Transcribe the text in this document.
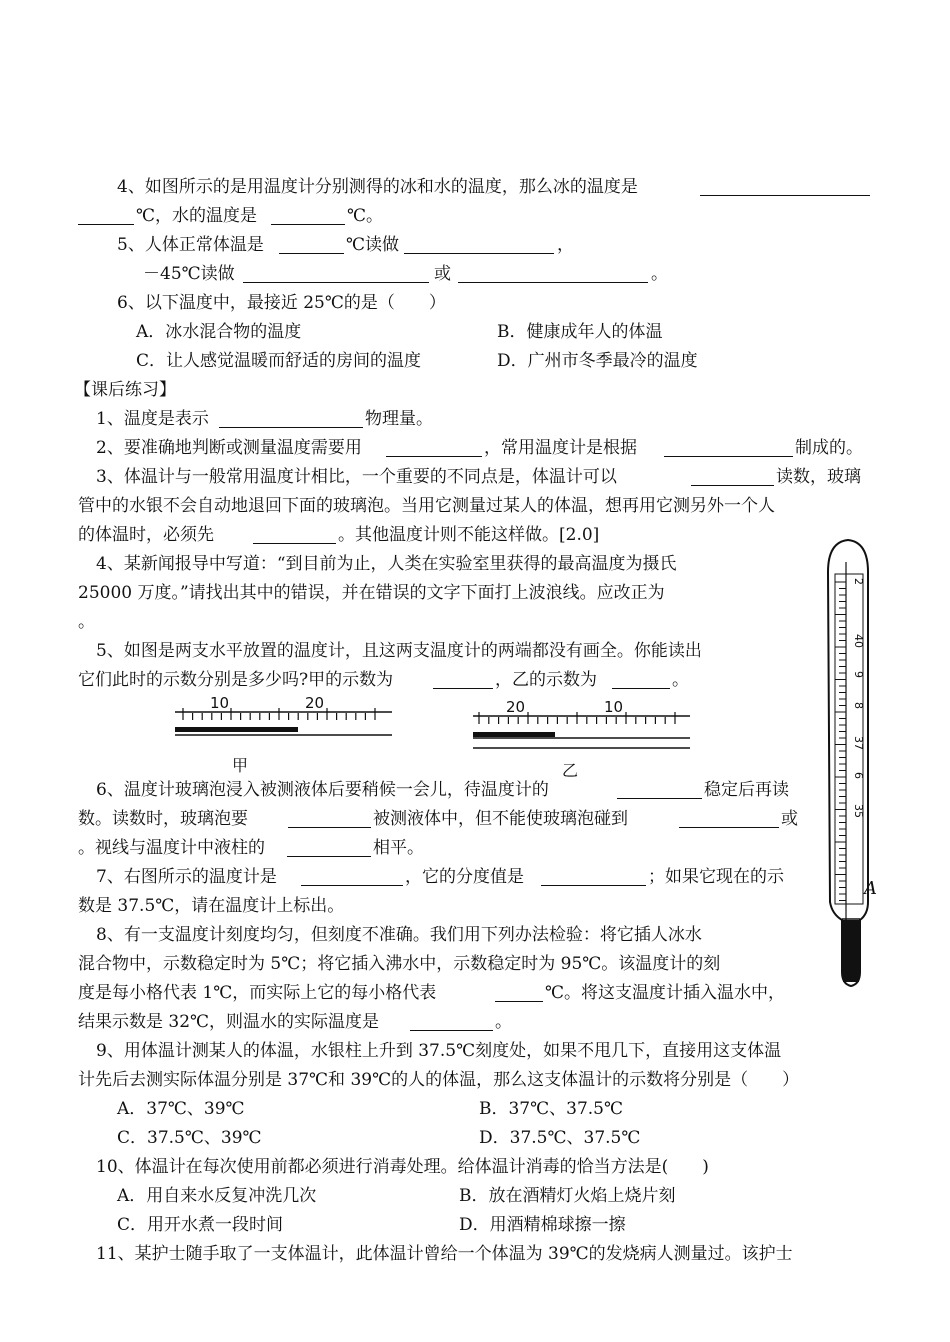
4、如图所示的是用温度计分别测得的冰和水的温度，那么冰的温度是
℃，水的温度是	℃。
5、人体正常体温是	℃读做	，
－45℃读做	或	。
6、以下温度中，最接近 25℃的是（　　）
A．冰水混合物的温度	B．健康成年人的体温
C．让人感觉温暖而舒适的房间的温度	D．广州市冬季最冷的温度
【课后练习】
1、温度是表示	物理量。
2、要准确地判断或测量温度需要用	，常用温度计是根据	制成的。
3、体温计与一般常用温度计相比，一个重要的不同点是，体温计可以	读数，玻璃
管中的水银不会自动地退回下面的玻璃泡。当用它测量过某人的体温，想再用它测另外一个人
的体温时，必须先	。其他温度计则不能这样做。[2.0]
4、某新闻报导中写道：“到目前为止，人类在实验室里获得的最高温度为摄氏
25000 万度。”请找出其中的错误，并在错误的文字下面打上波浪线。应改正为
。
5、如图是两支水平放置的温度计，且这两支温度计的两端都没有画全。你能读出
它们此时的示数分别是多少吗?甲的示数为	，乙的示数为	。
6、温度计玻璃泡浸入被测液体后要稍候一会儿，待温度计的	稳定后再读
数。读数时，玻璃泡要	被测液体中，但不能使玻璃泡碰到	或
。视线与温度计中液柱的	相平。
7、右图所示的温度计是	，它的分度值是	；如果它现在的示
数是 37.5℃，请在温度计上标出。
8、有一支温度计刻度均匀，但刻度不准确。我们用下列办法检验：将它插人冰水
混合物中，示数稳定时为 5℃；将它插入沸水中，示数稳定时为 95℃。该温度计的刻
度是每小格代表 1℃，而实际上它的每小格代表	℃。将这支温度计插入温水中，
结果示数是 32℃，则温水的实际温度是	。
9、用体温计测某人的体温，水银柱上升到 37.5℃刻度处，如果不甩几下，直接用这支体温
计先后去测实际体温分别是 37℃和 39℃的人的体温，那么这支体温计的示数将分别是（　　）
A．37℃、39℃	B．37℃、37.5℃
C．37.5℃、39℃	D．37.5℃、37.5℃
10、体温计在每次使用前都必须进行消毒处理。给体温计消毒的恰当方法是(　　)
A．用自来水反复冲洗几次	B．放在酒精灯火焰上烧片刻
C．用开水煮一段时间	D．用酒精棉球擦一擦
11、某护士随手取了一支体温计，此体温计曾给一个体温为 39℃的发烧病人测量过。该护士
10	20
甲
20	10
乙
2
40
9
8
37
6
35
A
